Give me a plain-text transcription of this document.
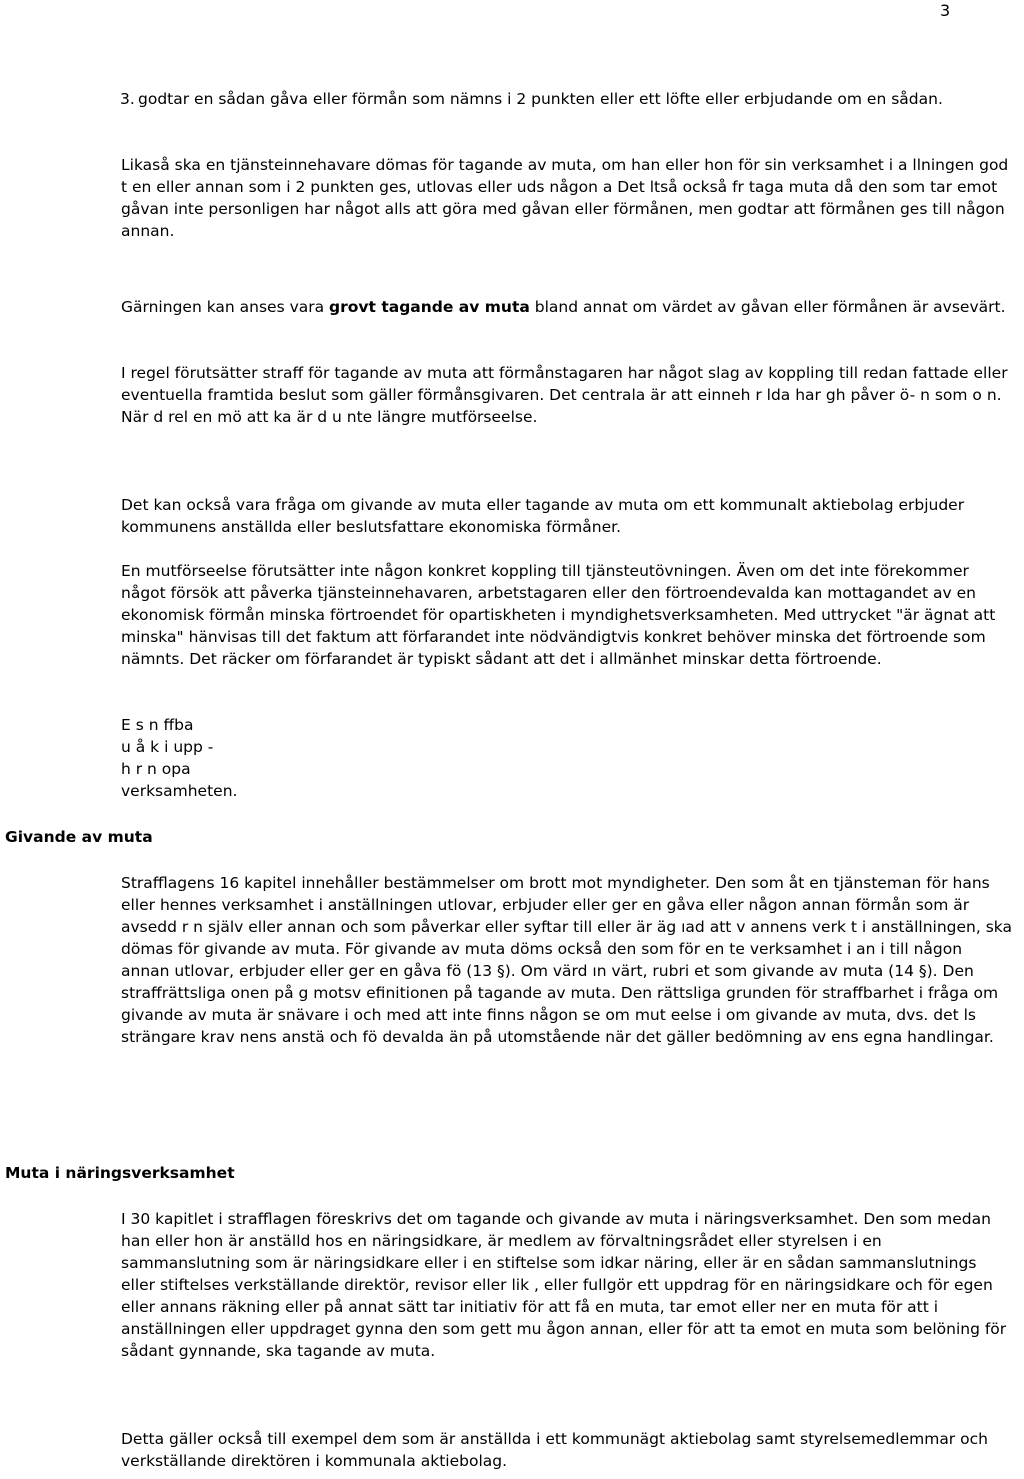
3
3. godtar en sådan gåva eller förmån som nämns i 2 punkten eller ett löfte eller erbjudande om en sådan.

Likaså ska en tjänsteinnehavare dömas för tagande av muta, om han eller hon för sin verksamhet i a llningen god t en eller annan som i 2 punkten ges, utlovas eller uds någon a Det ltså också fr taga muta då den som tar emot gåvan inte personligen har något alls att göra med gåvan eller förmånen, men godtar att förmånen ges till någon annan.

Gärningen kan anses vara grovt tagande av muta bland annat om värdet av gåvan eller förmånen är avsevärt.

I regel förutsätter straff för tagande av muta att förmånstagaren har något slag av koppling till redan fattade eller eventuella framtida beslut som gäller förmånsgivaren. Det centrala är att einneh r lda har gh påver ö- n som o n. När d rel en mö att ka är d u nte längre mutförseelse.

Det kan också vara fråga om givande av muta eller tagande av muta om ett kommunalt aktiebolag erbjuder kommunens anställda eller beslutsfattare ekonomiska förmåner.

En mutförseelse förutsätter inte någon konkret koppling till tjänsteutövningen. Även om det inte förekommer något försök att påverka tjänsteinnehavaren, arbetstagaren eller den förtroendevalda kan mottagandet av en ekonomisk förmån minska förtroendet för opartiskheten i myndighetsverksamheten. Med uttrycket "är ägnat att minska" hänvisas till det faktum att förfarandet inte nödvändigtvis konkret behöver minska det förtroende som nämnts. Det räcker om förfarandet är typiskt sådant att det i allmänhet minskar detta förtroende.

E s n ffba
u å k i upp -
h r n opa
verksamheten.
Givande av muta

Strafflagens 16 kapitel innehåller bestämmelser om brott mot myndigheter. Den som åt en tjänsteman för hans eller hennes verksamhet i anställningen utlovar, erbjuder eller ger en gåva eller någon annan förmån som är avsedd r n själv eller annan och som påverkar eller syftar till eller är äg ıad att v annens verk t i anställningen, ska dömas för givande av muta. För givande av muta döms också den som för en te verksamhet i an i till någon annan utlovar, erbjuder eller ger en gåva fö (13 §). Om värd ın värt, rubri et som givande av muta (14 §). Den straffrättsliga onen på g motsv efinitionen på tagande av muta. Den rättsliga grunden för straffbarhet i fråga om givande av muta är snävare i och med att inte finns någon se om mut eelse i om givande av muta, dvs. det ls strängare krav nens anstä och fö devalda än på utomstående när det gäller bedömning av ens egna handlingar.

Muta i näringsverksamhet

I 30 kapitlet i strafflagen föreskrivs det om tagande och givande av muta i näringsverksamhet. Den som medan han eller hon är anställd hos en näringsidkare, är medlem av förvaltningsrådet eller styrelsen i en sammanslutning som är näringsidkare eller i en stiftelse som idkar näring, eller är en sådan sammanslutnings eller stiftelses verkställande direktör, revisor eller lik , eller fullgör ett uppdrag för en näringsidkare och för egen eller annans räkning eller på annat sätt tar initiativ för att få en muta, tar emot eller ner en muta för att i anställningen eller uppdraget gynna den som gett mu ågon annan, eller för att ta emot en muta som belöning för sådant gynnande, ska tagande av muta.

Detta gäller också till exempel dem som är anställda i ett kommunägt aktiebolag samt styrelsemedlemmar och verkställande direktören i kommunala aktiebolag.
